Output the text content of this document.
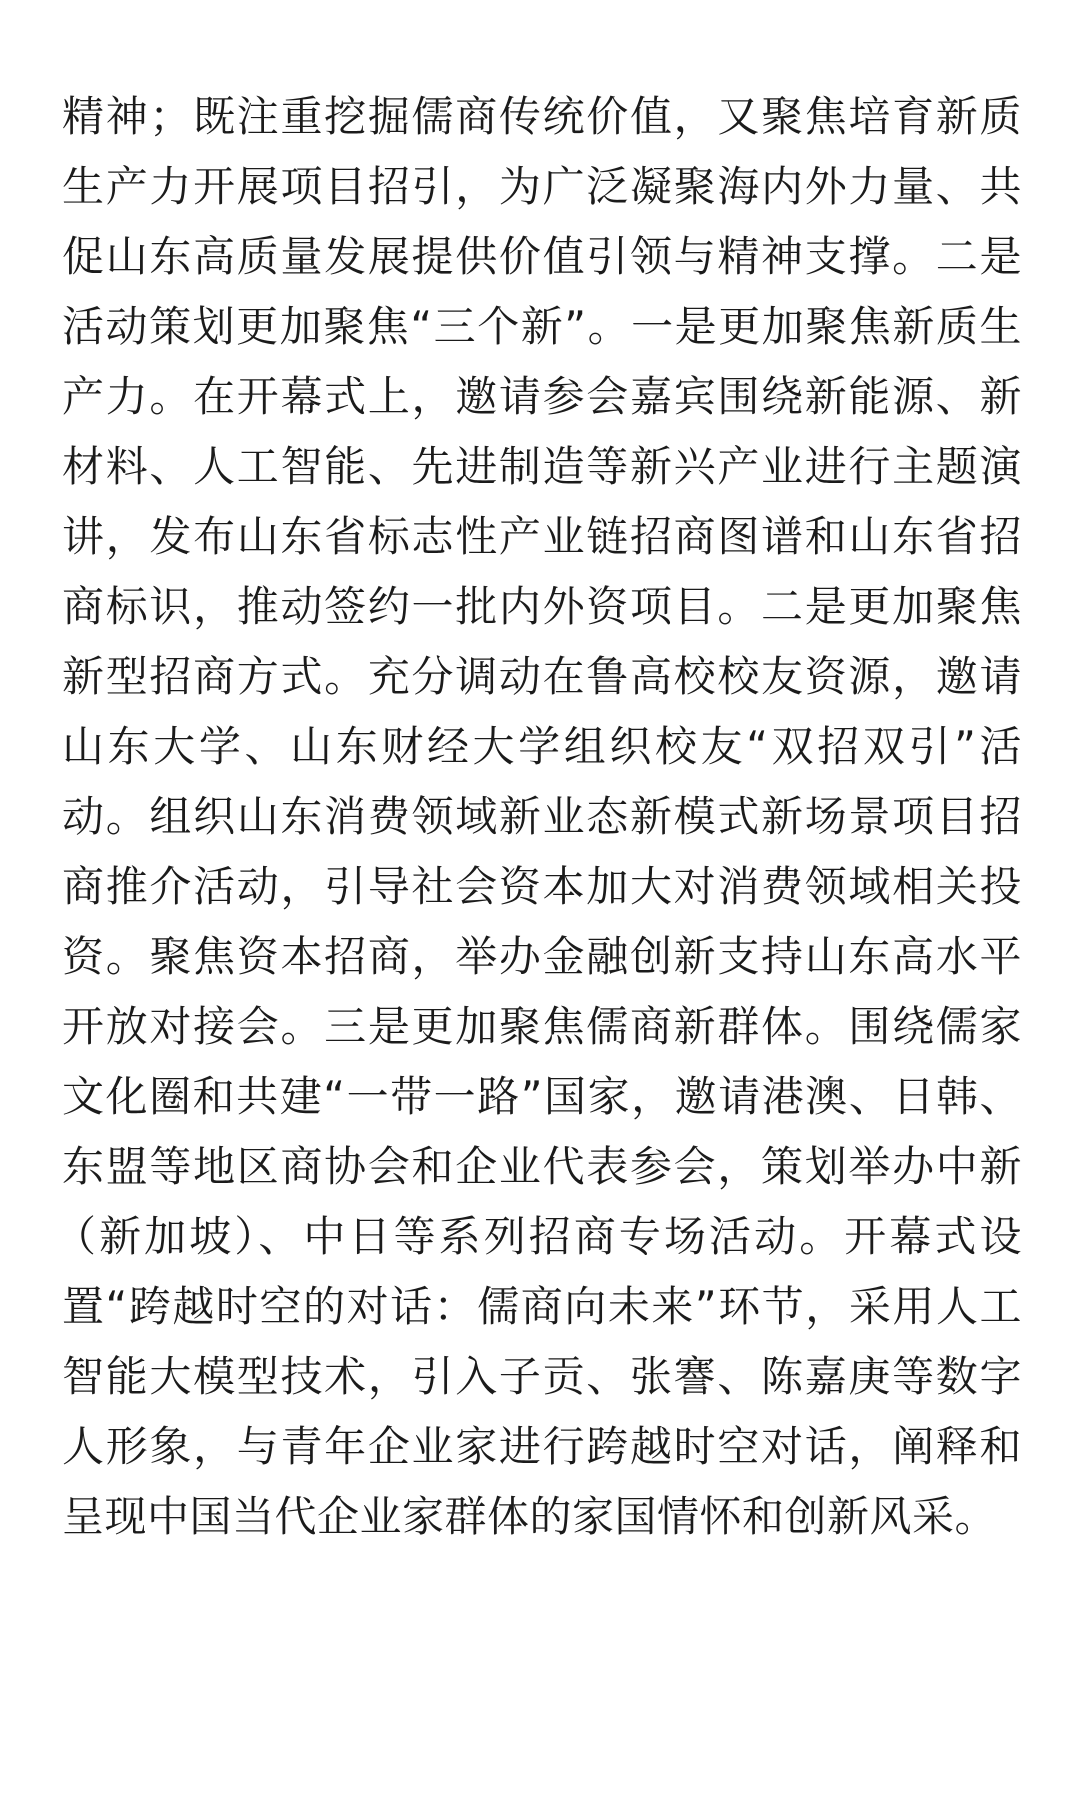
精神；既注重挖掘儒商传统价值，又聚焦培育新质
生产力开展项目招引，为广泛凝聚海内外力量、共
促山东高质量发展提供价值引领与精神支撑。二是
活动策划更加聚焦“三个新”。一是更加聚焦新质生
产力。在开幕式上，邀请参会嘉宾围绕新能源、新
材料、人工智能、先进制造等新兴产业进行主题演
讲，发布山东省标志性产业链招商图谱和山东省招
商标识，推动签约一批内外资项目。二是更加聚焦
新型招商方式。充分调动在鲁高校校友资源，邀请
山东大学、山东财经大学组织校友“双招双引”活
动。组织山东消费领域新业态新模式新场景项目招
商推介活动，引导社会资本加大对消费领域相关投
资。聚焦资本招商，举办金融创新支持山东高水平
开放对接会。三是更加聚焦儒商新群体。围绕儒家
文化圈和共建“一带一路”国家，邀请港澳、日韩、
东盟等地区商协会和企业代表参会，策划举办中新
（新加坡）、中日等系列招商专场活动。开幕式设
置“跨越时空的对话：儒商向未来”环节，采用人工
智能大模型技术，引入子贡、张謇、陈嘉庚等数字
人形象，与青年企业家进行跨越时空对话，阐释和
呈现中国当代企业家群体的家国情怀和创新风采。
